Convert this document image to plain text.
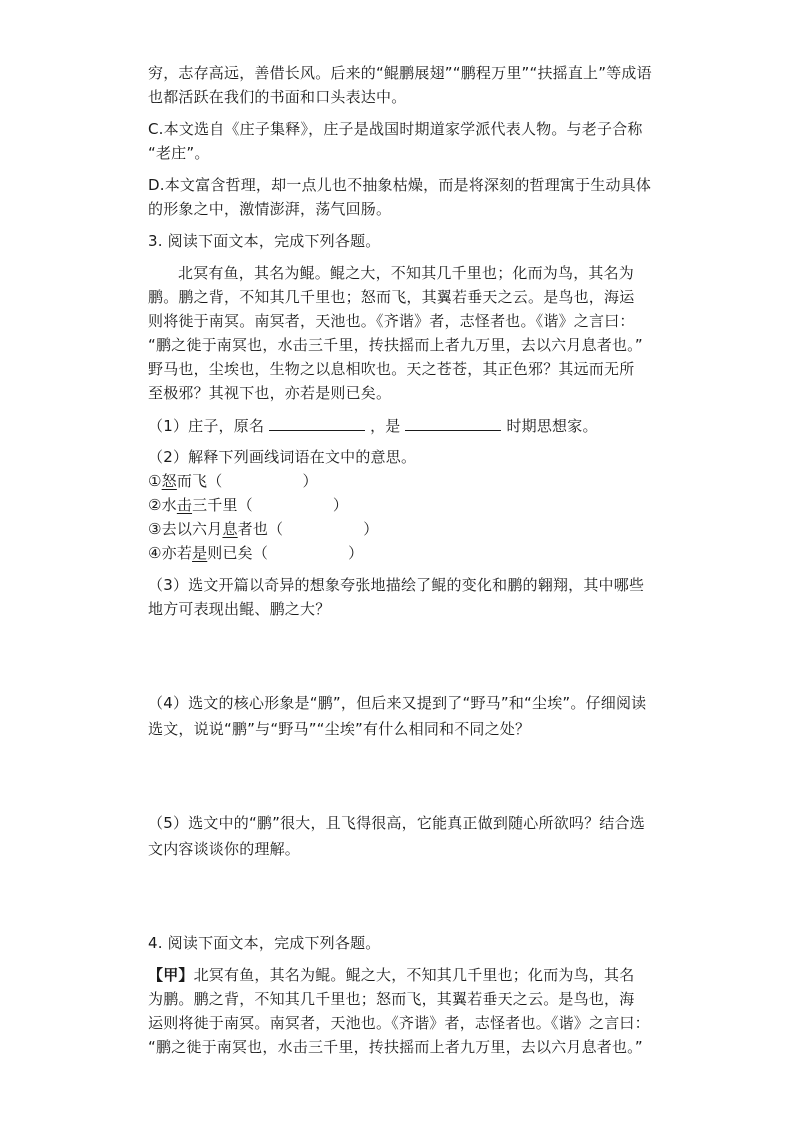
穷，志存高远，善借长风。后来的“鲲鹏展翅”“鹏程万里”“扶摇直上”等成语
也都活跃在我们的书面和口头表达中。
C.本文选自《庄子集释》，庄子是战国时期道家学派代表人物。与老子合称
“老庄”。
D.本文富含哲理，却一点儿也不抽象枯燥，而是将深刻的哲理寓于生动具体
的形象之中，激情澎湃，荡气回肠。
3. 阅读下面文本，完成下列各题。
北冥有鱼，其名为鲲。鲲之大，不知其几千里也；化而为鸟，其名为
鹏。鹏之背，不知其几千里也；怒而飞，其翼若垂天之云。是鸟也，海运
则将徙于南冥。南冥者，天池也。《齐谐》者，志怪者也。《谐》之言曰：
“鹏之徙于南冥也，水击三千里，抟扶摇而上者九万里，去以六月息者也。”
野马也，尘埃也，生物之以息相吹也。天之苍苍，其正色邪？其远而无所
至极邪？其视下也，亦若是则已矣。
（1）庄子，原名	，是	时期思想家。
（2）解释下列画线词语在文中的意思。
①怒而飞（	）
②水击三千里（	）
③去以六月息者也（	）
④亦若是则已矣（	）
（3）选文开篇以奇异的想象夸张地描绘了鲲的变化和鹏的翱翔，其中哪些
地方可表现出鲲、鹏之大？
（4）选文的核心形象是“鹏”，但后来又提到了“野马”和“尘埃”。仔细阅读
选文，说说“鹏”与“野马”“尘埃”有什么相同和不同之处？
（5）选文中的“鹏”很大，且飞得很高，它能真正做到随心所欲吗？结合选
文内容谈谈你的理解。
4. 阅读下面文本，完成下列各题。
【甲】北冥有鱼，其名为鲲。鲲之大，不知其几千里也；化而为鸟，其名
为鹏。鹏之背，不知其几千里也；怒而飞，其翼若垂天之云。是鸟也，海
运则将徙于南冥。南冥者，天池也。《齐谐》者，志怪者也。《谐》之言曰：
“鹏之徙于南冥也，水击三千里，抟扶摇而上者九万里，去以六月息者也。”
